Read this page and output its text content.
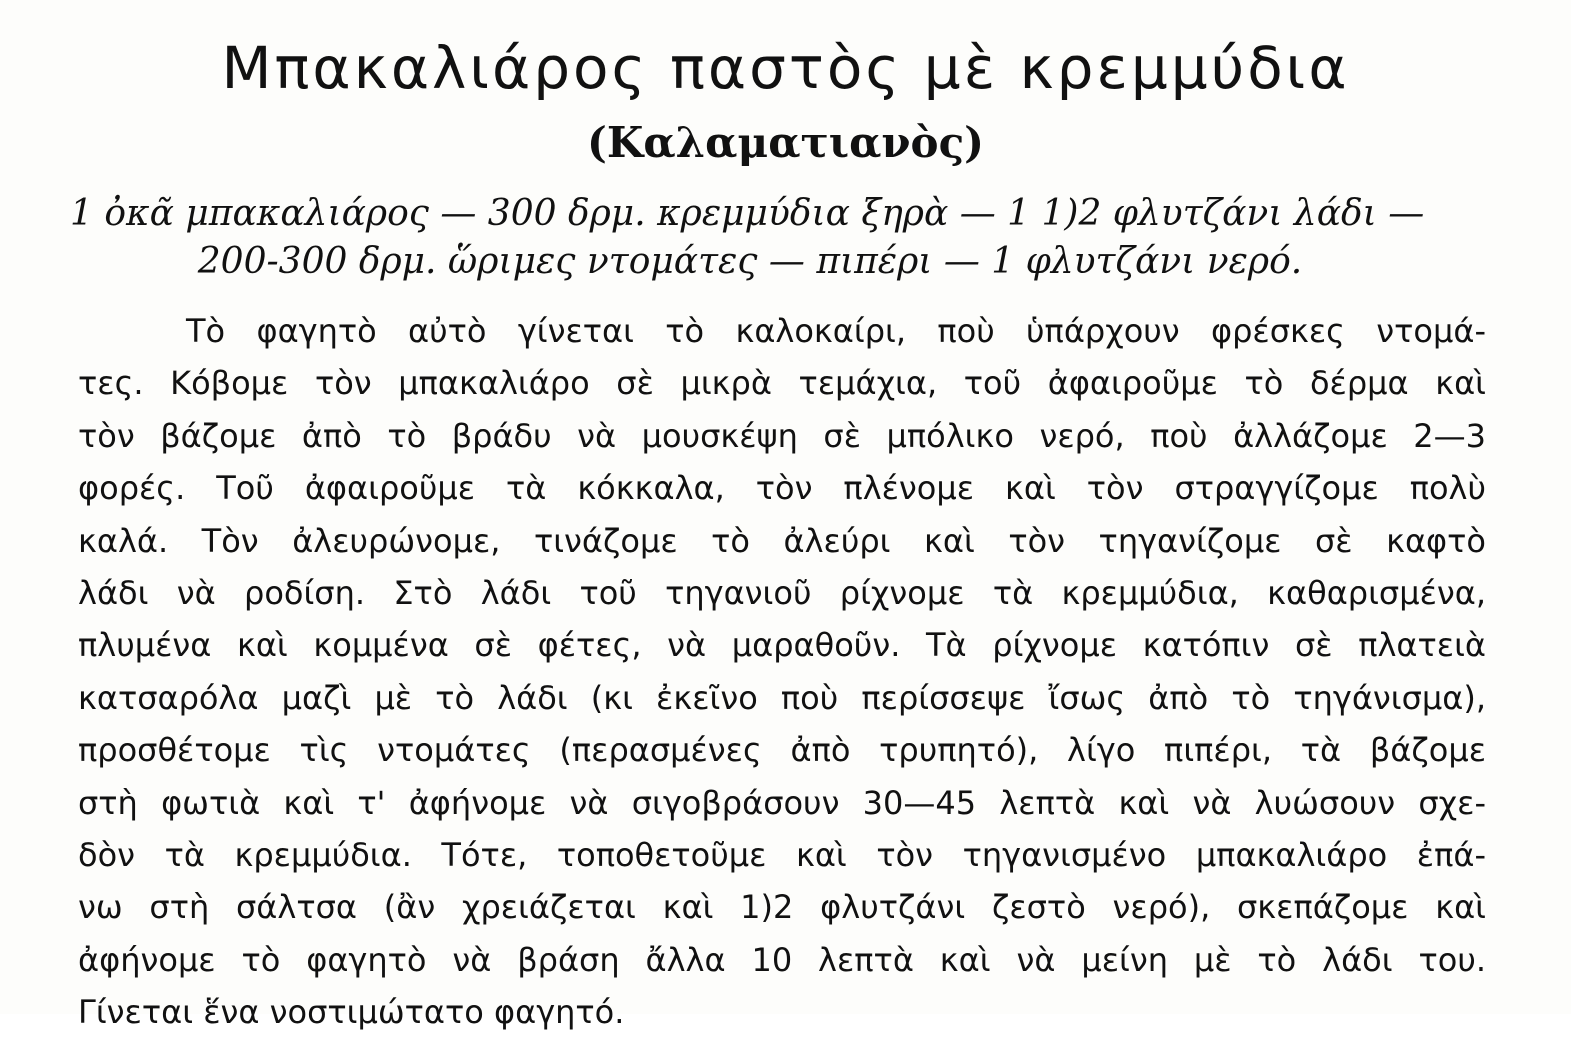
Μπακαλιάρος παστὸς μὲ κρεμμύδια
(Καλαματιανὸς)

1 ὀκᾶ μπακαλιάρος — 300 δρμ. κρεμμύδια ξηρὰ — 1 1)2 φλυτζάνι λάδι —
200-300 δρμ. ὥριμες ντομάτες — πιπέρι — 1 φλυτζάνι νερό.

Τὸ φαγητὸ αὐτὸ γίνεται τὸ καλοκαίρι, ποὺ ὑπάρχουν φρέσκες ντομά-
τες. Κόβομε τὸν μπακαλιάρο σὲ μικρὰ τεμάχια, τοῦ ἀφαιροῦμε τὸ δέρμα καὶ
τὸν βάζομε ἀπὸ τὸ βράδυ νὰ μουσκέψη σὲ μπόλικο νερό, ποὺ ἀλλάζομε 2—3
φορές. Τοῦ ἀφαιροῦμε τὰ κόκκαλα, τὸν πλένομε καὶ τὸν στραγγίζομε πολὺ
καλά. Τὸν ἀλευρώνομε, τινάζομε τὸ ἀλεύρι καὶ τὸν τηγανίζομε σὲ καφτὸ
λάδι νὰ ροδίση. Στὸ λάδι τοῦ τηγανιοῦ ρίχνομε τὰ κρεμμύδια, καθαρισμένα,
πλυμένα καὶ κομμένα σὲ φέτες, νὰ μαραθοῦν. Τὰ ρίχνομε κατόπιν σὲ πλατειὰ
κατσαρόλα μαζὶ μὲ τὸ λάδι (κι ἐκεῖνο ποὺ περίσσεψε ἴσως ἀπὸ τὸ τηγάνισμα),
προσθέτομε τὶς ντομάτες (περασμένες ἀπὸ τρυπητό), λίγο πιπέρι, τὰ βάζομε
στὴ φωτιὰ καὶ τ' ἀφήνομε νὰ σιγοβράσουν 30—45 λεπτὰ καὶ νὰ λυώσουν σχε-
δὸν τὰ κρεμμύδια. Τότε, τοποθετοῦμε καὶ τὸν τηγανισμένο μπακαλιάρο ἐπά-
νω στὴ σάλτσα (ἂν χρειάζεται καὶ 1)2 φλυτζάνι ζεστὸ νερό), σκεπάζομε καὶ
ἀφήνομε τὸ φαγητὸ νὰ βράση ἄλλα 10 λεπτὰ καὶ νὰ μείνη μὲ τὸ λάδι του.
Γίνεται ἕνα νοστιμώτατο φαγητό.
